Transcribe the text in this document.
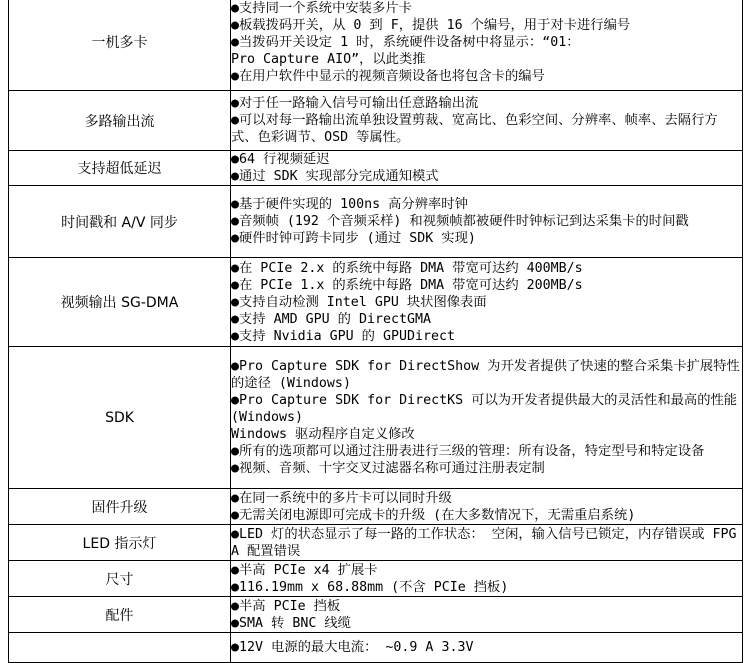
一机多卡	●支持同一个系统中安装多片卡
●板载拨码开关，从 0 到 F，提供 16 个编号，用于对卡进行编号
●当拨码开关设定 1 时，系统硬件设备树中将显示：“01：
Pro Capture AIO”，以此类推
●在用户软件中显示的视频音频设备也将包含卡的编号

多路输出流	●对于任一路输入信号可输出任意路输出流
●可以对每一路输出流单独设置剪裁、宽高比、色彩空间、分辨率、帧率、去隔行方式、色彩调节、OSD 等属性。

支持超低延迟	●64 行视频延迟
●通过 SDK 实现部分完成通知模式

时间戳和 A/V 同步	●基于硬件实现的 100ns 高分辨率时钟
●音频帧 (192 个音频采样) 和视频帧都被硬件时钟标记到达采集卡的时间戳
●硬件时钟可跨卡同步 (通过 SDK 实现)

视频输出 SG-DMA	●在 PCIe 2.x 的系统中每路 DMA 带宽可达约 400MB/s
●在 PCIe 1.x 的系统中每路 DMA 带宽可达约 200MB/s
●支持自动检测 Intel GPU 块状图像表面
●支持 AMD GPU 的 DirectGMA
●支持 Nvidia GPU 的 GPUDirect

SDK	●Pro Capture SDK for DirectShow 为开发者提供了快速的整合采集卡扩展特性的途径 (Windows)
●Pro Capture SDK for DirectKS 可以为开发者提供最大的灵活性和最高的性能 (Windows)
Windows 驱动程序自定义修改
●所有的选项都可以通过注册表进行三级的管理：所有设备，特定型号和特定设备
●视频、音频、十字交叉过滤器名称可通过注册表定制

固件升级	●在同一系统中的多片卡可以同时升级
●无需关闭电源即可完成卡的升级 (在大多数情况下，无需重启系统)

LED 指示灯	●LED 灯的状态显示了每一路的工作状态： 空闲，输入信号已锁定，内存错误或 FPGA 配置错误

尺寸	●半高 PCIe x4 扩展卡
●116.19mm x 68.88mm (不含 PCIe 挡板)

配件	●半高 PCIe 挡板
●SMA 转 BNC 线缆

	●12V 电源的最大电流： ~0.9 A 3.3V
